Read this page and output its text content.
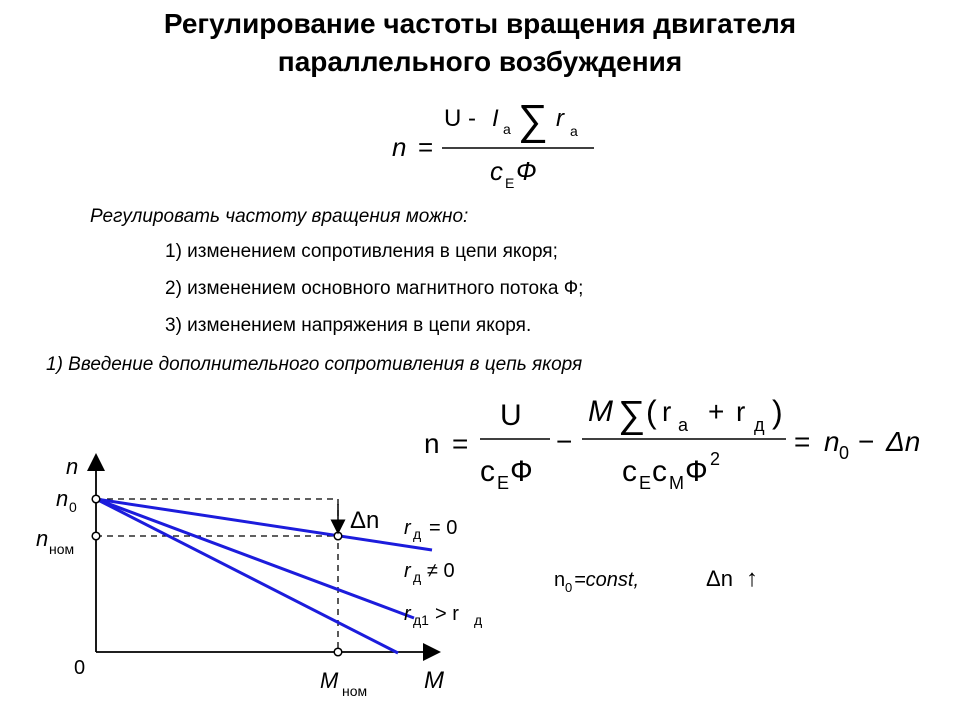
Регулирование частоты вращения двигателя
параллельного возбуждения
n =
U - I a ∑ r a
c E Ф
Регулировать частоту вращения можно:
1) изменением сопротивления в цепи якоря;
2) изменением основного магнитного потока Ф;
3) изменением напряжения в цепи якоря.
1) Введение дополнительного сопротивления в цепь якоря
n =
U
c E Ф
−
M ∑ ( r a + r д )
c E c M Ф 2
= n 0 − Δn
n 0 =const,	Δn ↑
n
n 0
n ном
0	M ном M
Δn r д = 0
r д ≠ 0
r д1 > r д
